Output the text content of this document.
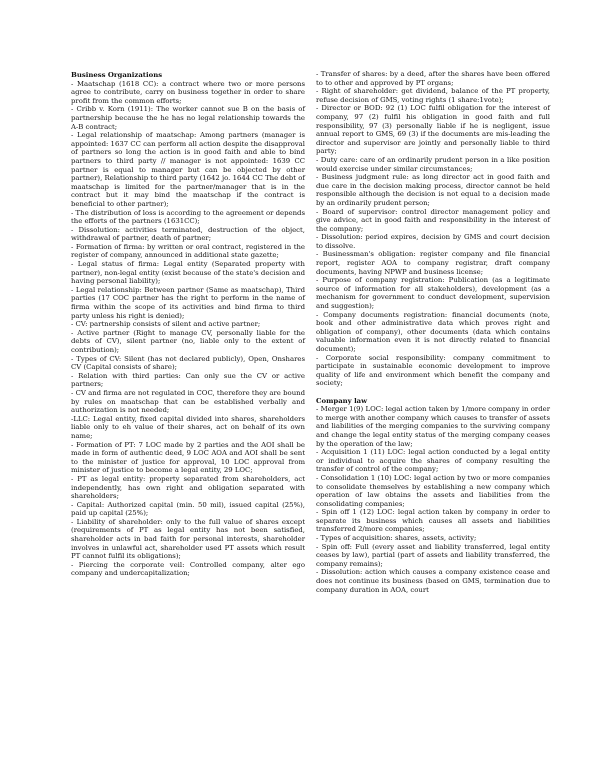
Business Organizations

- Maatschap (1618 CC): a contract where two or more persons agree to contribute, carry on business together in order to share profit from the common efforts;

- Cribb v. Korn (1911): The worker cannot sue B on the basis of partnership because the he has no legal relationship towards the A-B contract;

- Legal relationship of maatschap: Among partners (manager is appointed: 1637 CC can perform all action despite the disapproval of partners so long the action is in good faith and able to bind partners to third party // manager is not appointed: 1639 CC partner is equal to manager but can be objected by other partner), Relationship to third party (1642 jo. 1644 CC The debt of maatschap is limited for the partner/manager that is in the contract but it may bind the maatschap if the contract is beneficial to other partner);

- The distribution of loss is according to the agreement or depends the efforts of the partners (1631CC);

- Dissolution: activities terminated, destruction of the object, withdrawal of partner, death of partner;

- Formation of firma: by written or oral contract, registered in the register of company, announced in additional state gazette;

- Legal status of firma: Legal entity (Separated property with partner), non-legal entity (exist because of the state's decision and having personal liability);

- Legal relationship: Between partner (Same as maatschap), Third parties (17 COC partner has the right to perform in the name of firma within the scope of its activities and bind firma to third party unless his right is denied);

- CV: partnership consists of silent and active partner;

- Active partner (Right to manage CV, personally liable for the debts of CV), silent partner (no, liable only to the extent of contribution);

- Types of CV: Silent (has not declared publicly), Open, Onshares CV (Capital consists of share);

- Relation with third parties: Can only sue the CV or active partners;

- CV and firma are not regulated in COC, therefore they are bound by rules on maatschap that can be established verbally and authorization is not needed;

-LLC: Legal entity, fixed capital divided into shares, shareholders liable only to eh value of their shares, act on behalf of its own name;

- Formation of PT: 7 LOC made by 2 parties and the AOI shall be made in form of authentic deed, 9 LOC AOA and AOI shall be sent to the minister of justice for approval, 10 LOC approval from minister of justice to become a legal entity, 29 LOC;

- PT as legal entity: property separated from shareholders, act independently, has own right and obligation separated with shareholders;

- Capital: Authorized capital (min. 50 mil), issued capital (25%), paid up capital (25%);

- Liability of shareholder: only to the full value of shares except (requirements of PT as legal entity has not been satisfied, shareholder acts in bad faith for personal interests, shareholder involves in unlawful act, shareholder used PT assets which result PT cannot fulfil its obligations);

- Piercing the corporate veil: Controlled company, alter ego company and undercapitalization;

- Transfer of shares: by a deed, after the shares have been offered to to other and approved by PT organs;

- Right of shareholder: get dividend, balance of the PT property, refuse decision of GMS, voting rights (1 share:1vote);

- Director or BOD: 92 (1) LOC fulfil obligation for the interest of company, 97 (2) fulfil his obligation in good faith and full responsibility, 97 (3) personally liable if he is negligent, issue annual report to GMS, 69 (3) if the documents are mis-leading the director and supervisor are jointly and personally liable to third party;

- Duty care: care of an ordinarily prudent person in a like position would exercise under similar circumstances;

- Business judgment rule: as long director act in good faith and due care in the decision making process, director cannot be held responsible although the decision is not equal to a decision made by an ordinarily prudent person;

- Board of supervisor: control director management policy and give advice, act in good faith and responsibility in the interest of the company;

- Dissolution: period expires, decision by GMS and court decision to dissolve.

- Businessman's obligation: register company and file financial report, register AOA to company registrar, draft company documents, having NPWP and business license;

- Purpose of company registration: Publication (as a legitimate source of information for all stakeholders), development (as a mechanism for government to conduct development, supervision and suggestion);

- Company documents registration: financial documents (note, book and other administrative data which proves right and obligation of company), other documents (data which contains valuable information even it is not directly related to financial document);

- Corporate social responsibility: company commitment to participate in sustainable economic development to improve quality of life and environment which benefit the company and society;

Company law

- Merger 1(9) LOC: legal action taken by 1/more company in order to merge with another company which causes to transfer of assets and liabilities of the merging companies to the surviving company and change the legal entity status of the merging company ceases by the operation of the law;

- Acquisition 1 (11) LOC: legal action conducted by a legal entity or individual to acquire the shares of company resulting the transfer of control of the company;

- Consolidation 1 (10) LOC: legal action by two or more companies to consolidate themselves by establishing a new company which operation of law obtains the assets and liabilities from the consolidating companies;

- Spin off 1 (12) LOC: legal action taken by company in order to separate its business which causes all assets and liabilities transferred 2/more companies;

- Types of acquisition: shares, assets, activity;

- Spin off: Full (every asset and liability transferred, legal entity ceases by law), partial (part of assets and liability transferred, the company remains);

- Dissolution: action which causes a company existence cease and does not continue its business (based on GMS, termination due to company duration in AOA, court
